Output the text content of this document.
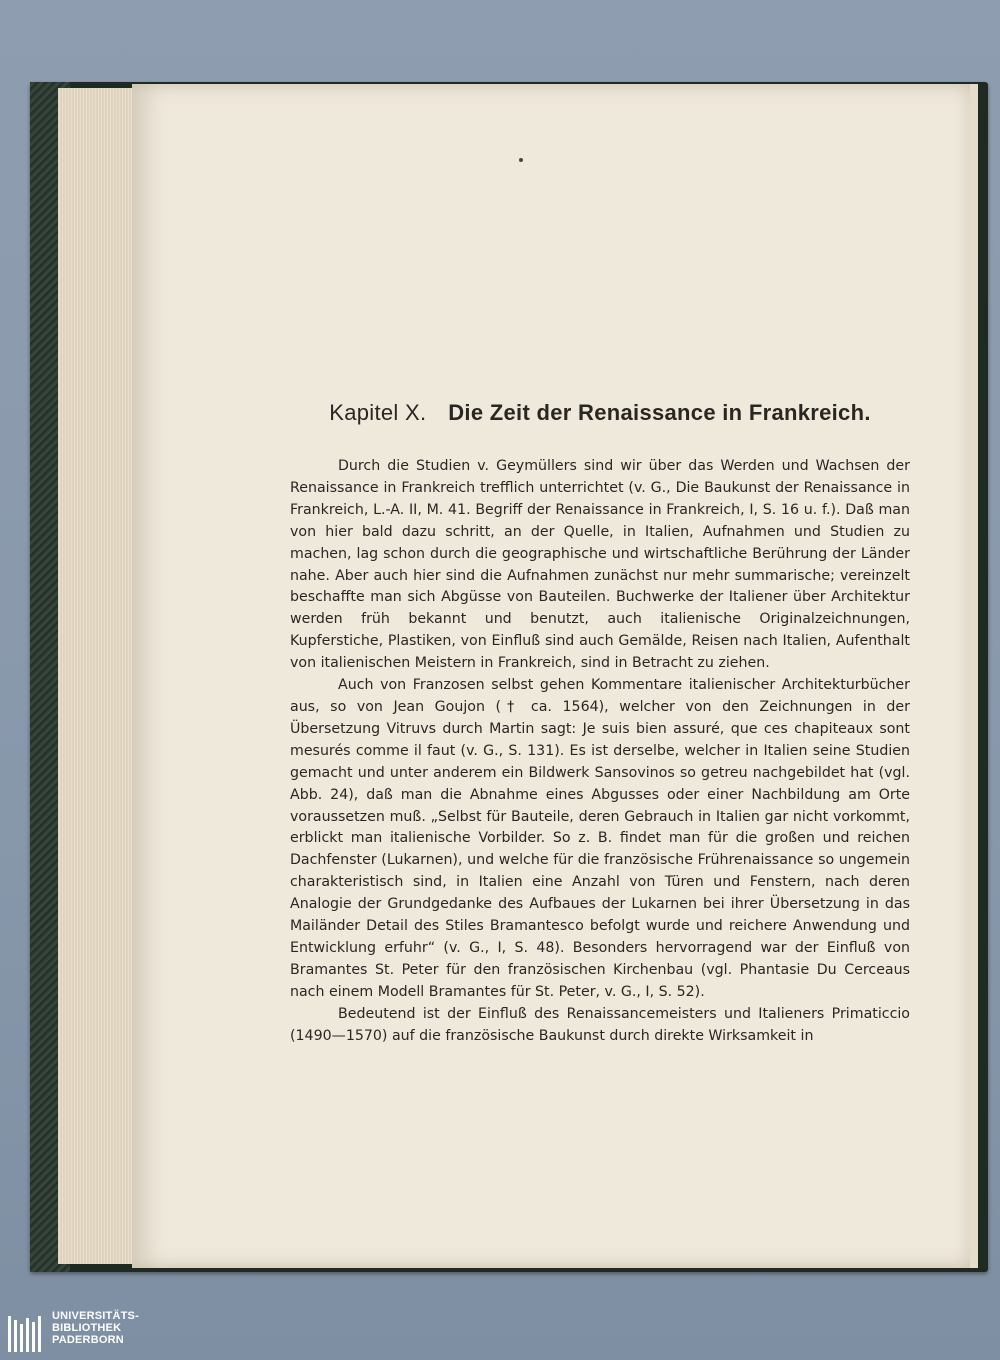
Kapitel X. Die Zeit der Renaissance in Frankreich.

Durch die Studien v. Geymüllers sind wir über das Werden und Wachsen der Renaissance in Frankreich trefflich unterrichtet (v. G., Die Baukunst der Renaissance in Frankreich, L.-A. II, M. 41. Begriff der Renaissance in Frankreich, I, S. 16 u. f.). Daß man von hier bald dazu schritt, an der Quelle, in Italien, Aufnahmen und Studien zu machen, lag schon durch die geographische und wirtschaftliche Berührung der Länder nahe. Aber auch hier sind die Aufnahmen zunächst nur mehr summarische; vereinzelt beschaffte man sich Abgüsse von Bauteilen. Buchwerke der Italiener über Architektur werden früh bekannt und benutzt, auch italienische Originalzeichnungen, Kupferstiche, Plastiken, von Einfluß sind auch Gemälde, Reisen nach Italien, Aufenthalt von italienischen Meistern in Frankreich, sind in Betracht zu ziehen.

Auch von Franzosen selbst gehen Kommentare italienischer Architekturbücher aus, so von Jean Goujon († ca. 1564), welcher von den Zeichnungen in der Übersetzung Vitruvs durch Martin sagt: Je suis bien assuré, que ces chapiteaux sont mesurés comme il faut (v. G., S. 131). Es ist derselbe, welcher in Italien seine Studien gemacht und unter anderem ein Bildwerk Sansovinos so getreu nachgebildet hat (vgl. Abb. 24), daß man die Abnahme eines Abgusses oder einer Nachbildung am Orte voraussetzen muß. „Selbst für Bauteile, deren Gebrauch in Italien gar nicht vorkommt, erblickt man italienische Vorbilder. So z. B. findet man für die großen und reichen Dachfenster (Lukarnen), und welche für die französische Frührenaissance so ungemein charakteristisch sind, in Italien eine Anzahl von Türen und Fenstern, nach deren Analogie der Grundgedanke des Aufbaues der Lukarnen bei ihrer Übersetzung in das Mailänder Detail des Stiles Bramantesco befolgt wurde und reichere Anwendung und Entwicklung erfuhr“ (v. G., I, S. 48). Besonders hervorragend war der Einfluß von Bramantes St. Peter für den französischen Kirchenbau (vgl. Phantasie Du Cerceaus nach einem Modell Bramantes für St. Peter, v. G., I, S. 52).

Bedeutend ist der Einfluß des Renaissancemeisters und Italieners Primaticcio (1490—1570) auf die französische Baukunst durch direkte Wirksamkeit in

UNIVERSITÄTS-
BIBLIOTHEK
PADERBORN
